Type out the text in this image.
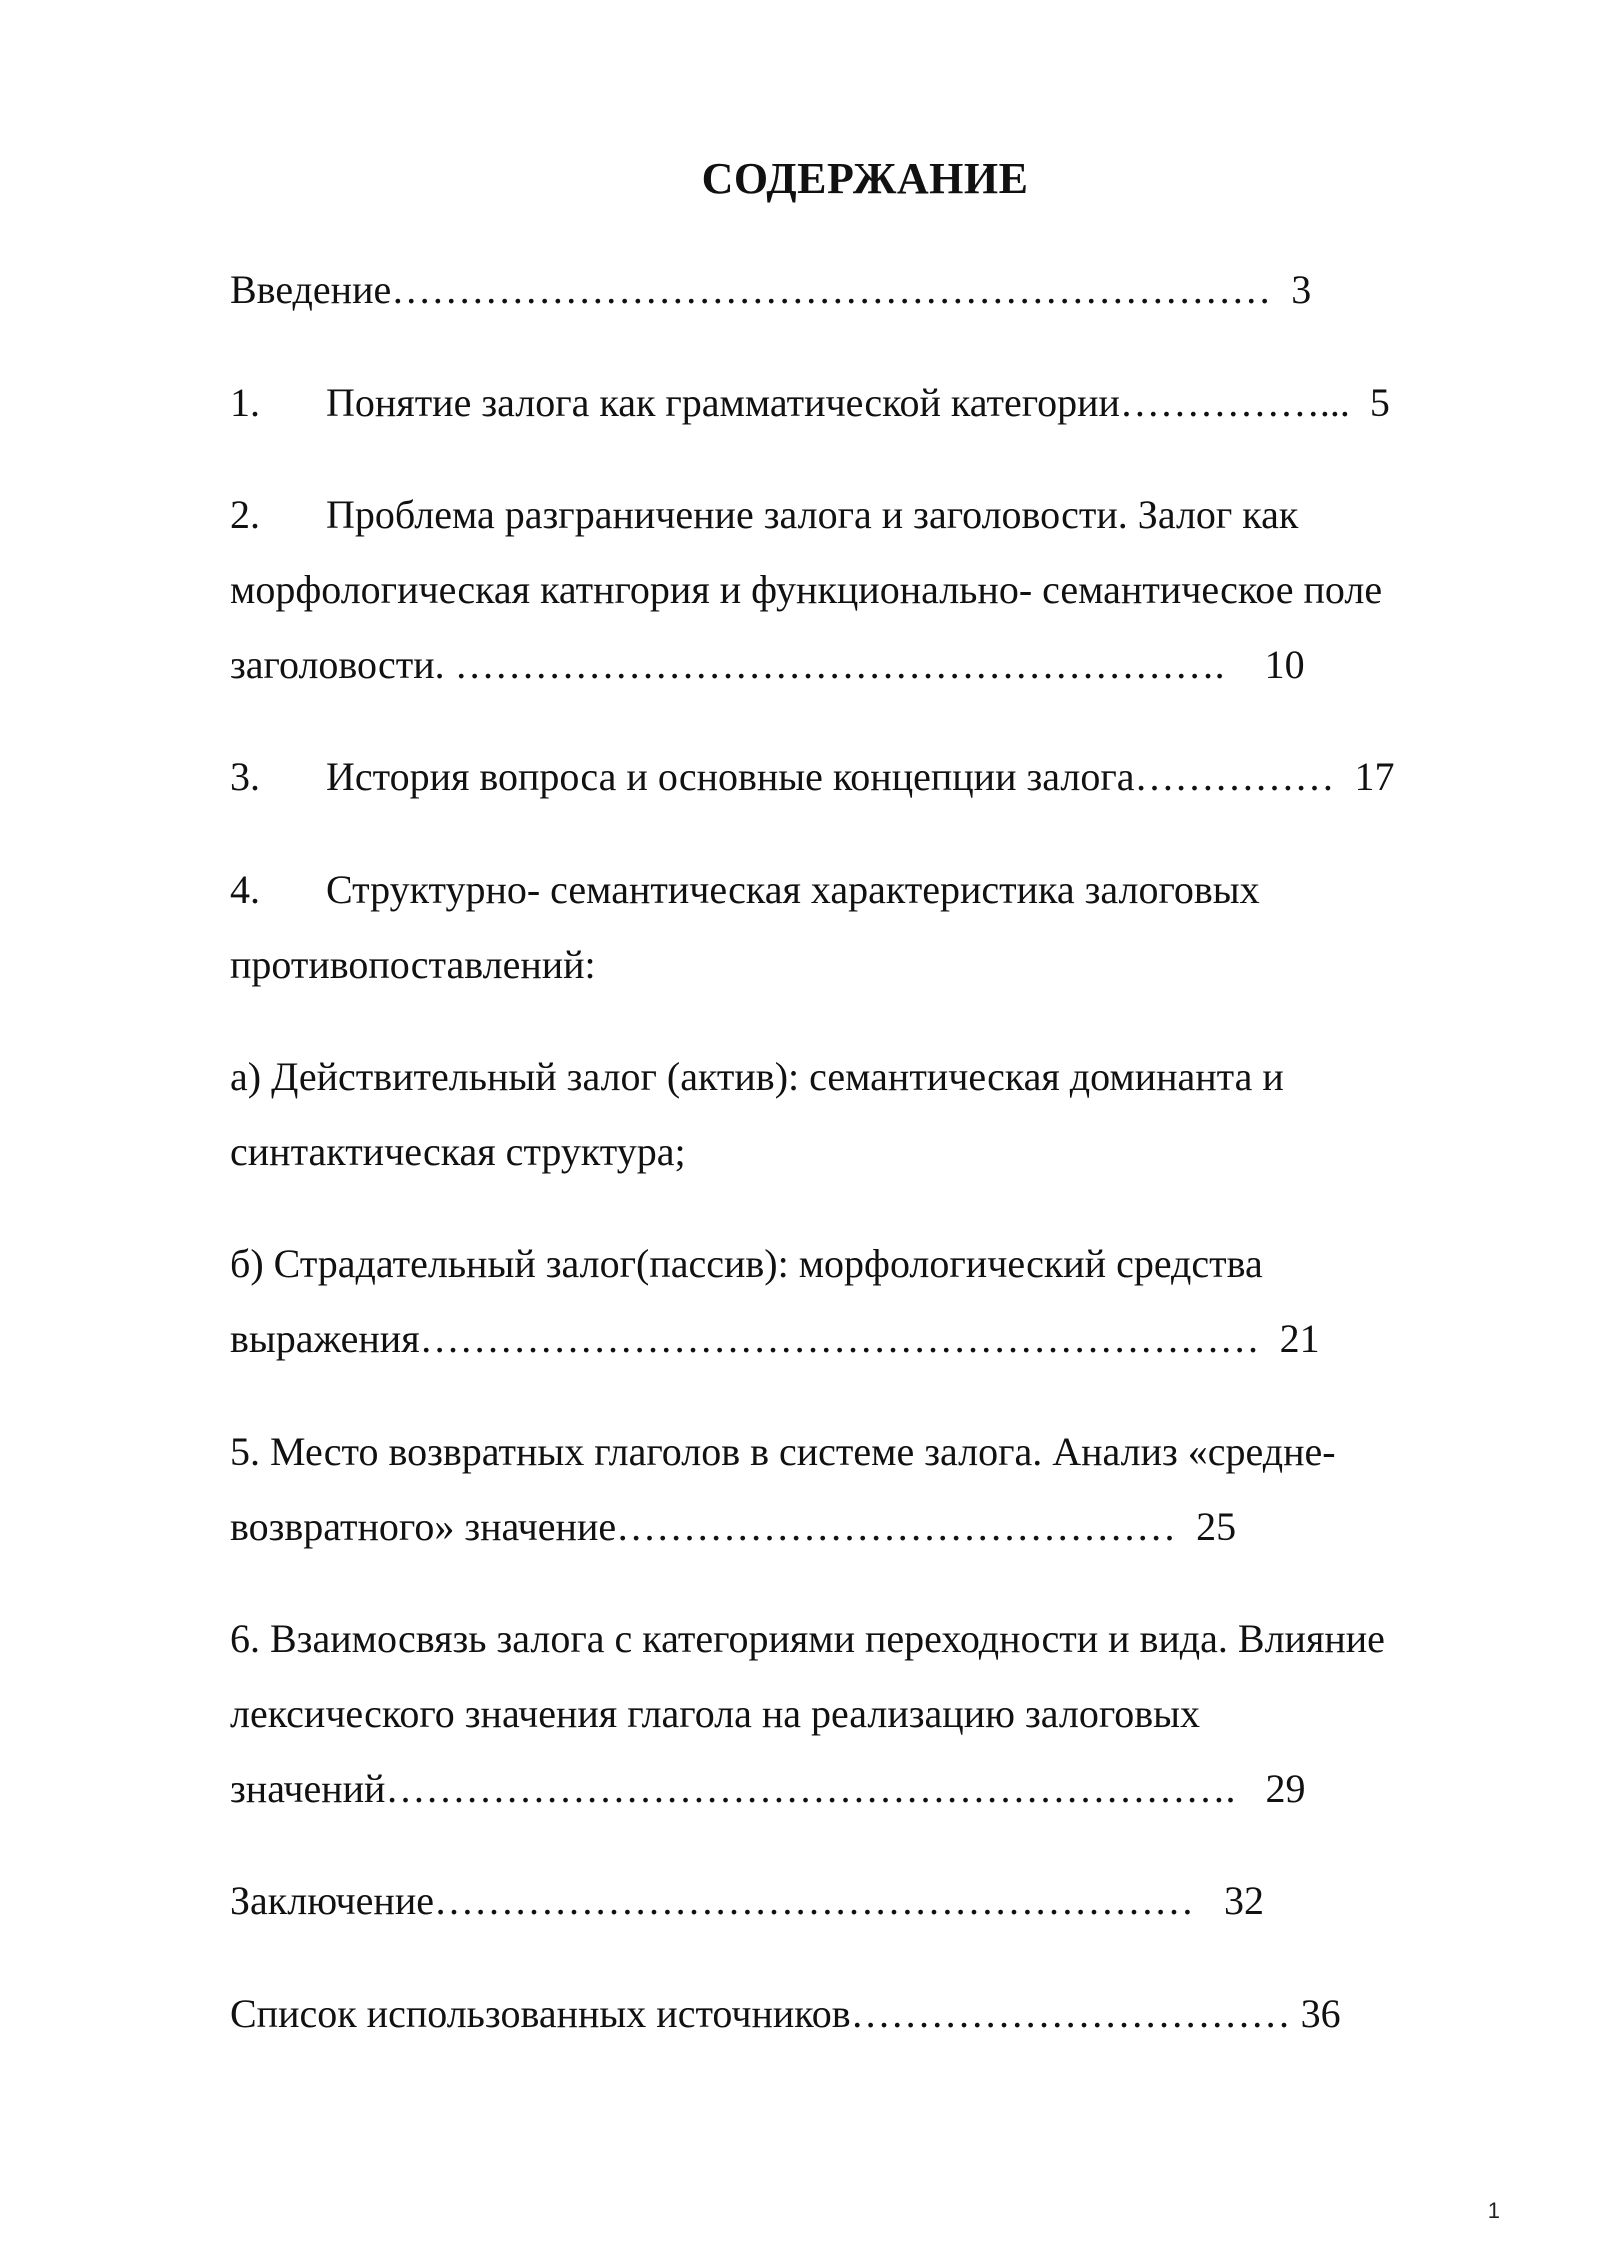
СОДЕРЖАНИЕ
Введение…………………………………………………………  3
1. Понятие залога как грамматической категории……………...  5
2. Проблема разграничение залога и заголовости. Залог как
морфологическая катнгория и функционально- семантическое поле
заголовости. ………………………………………………….    10
3. История вопроса и основные концепции залога……………  17
4. Структурно- семантическая характеристика залоговых
противопоставлений:
а) Действительный залог (актив): семантическая доминанта и
синтактическая структура;
б) Страдательный залог(пассив): морфологический средства
выражения………………………………………………………  21
5. Место возвратных глаголов в системе залога. Анализ «средне-
возвратного» значение……………………………………  25
6. Взаимосвязь залога с категориями переходности и вида. Влияние
лексического значения глагола на реализацию залоговых
значений……………………………………………………….   29
Заключение…………………………………………………   32
Список использованных источников…………………………… 36
1
